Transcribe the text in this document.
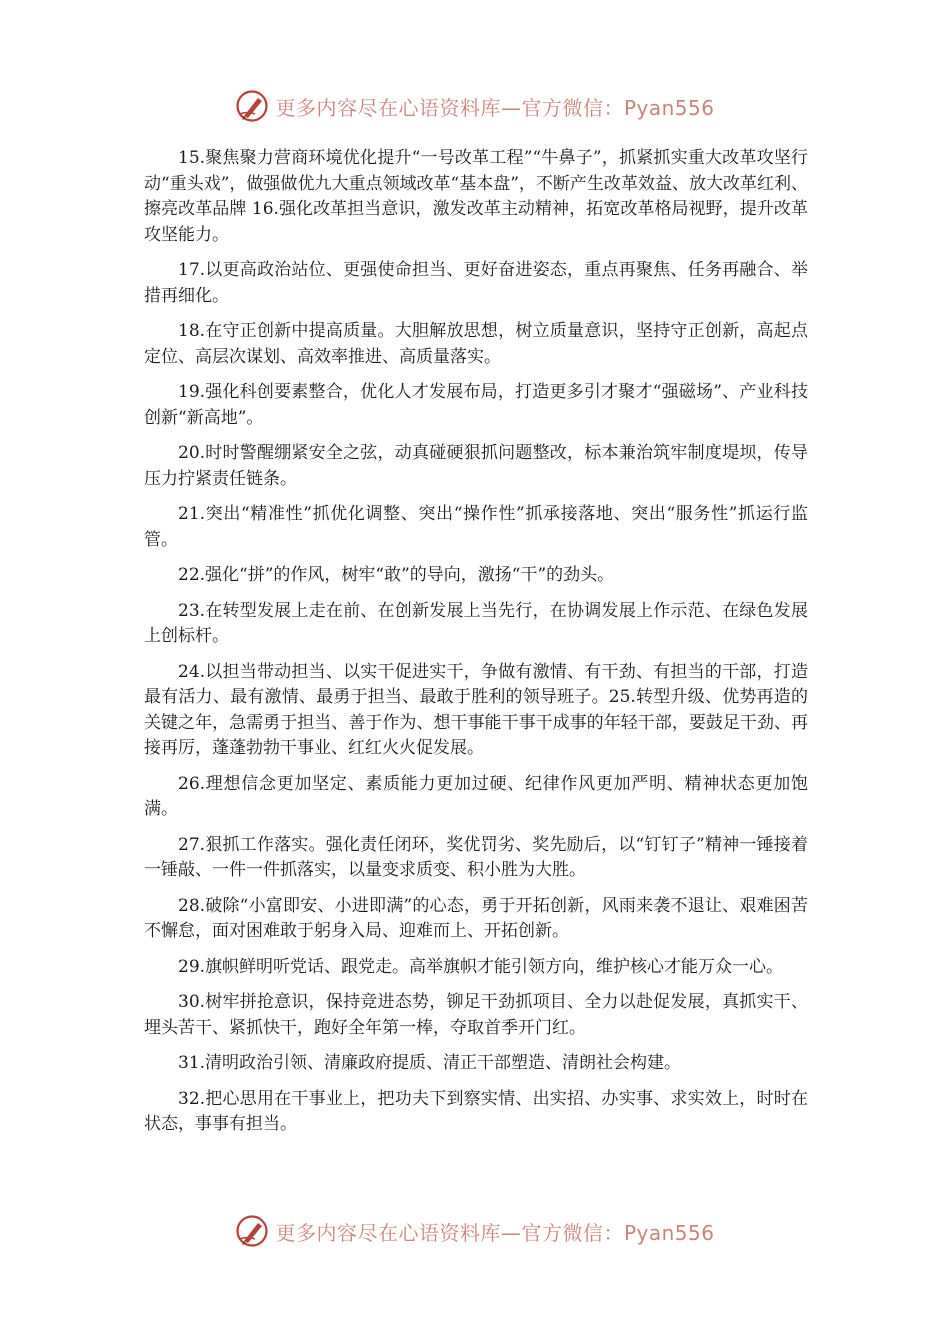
更多内容尽在心语资料库—官方微信：Pyan556

15.聚焦聚力营商环境优化提升“一号改革工程”“牛鼻子”，抓紧抓实重大改革攻坚行动“重头戏”，做强做优九大重点领域改革“基本盘”，不断产生改革效益、放大改革红利、擦亮改革品牌 16.强化改革担当意识，激发改革主动精神，拓宽改革格局视野，提升改革攻坚能力。

17.以更高政治站位、更强使命担当、更好奋进姿态，重点再聚焦、任务再融合、举措再细化。

18.在守正创新中提高质量。大胆解放思想，树立质量意识，坚持守正创新，高起点定位、高层次谋划、高效率推进、高质量落实。

19.强化科创要素整合，优化人才发展布局，打造更多引才聚才“强磁场”、产业科技创新“新高地”。

20.时时警醒绷紧安全之弦，动真碰硬狠抓问题整改，标本兼治筑牢制度堤坝，传导压力拧紧责任链条。

21.突出“精准性”抓优化调整、突出“操作性”抓承接落地、突出“服务性”抓运行监管。

22.强化“拼”的作风，树牢“敢”的导向，激扬“干”的劲头。

23.在转型发展上走在前、在创新发展上当先行，在协调发展上作示范、在绿色发展上创标杆。

24.以担当带动担当、以实干促进实干，争做有激情、有干劲、有担当的干部，打造最有活力、最有激情、最勇于担当、最敢于胜利的领导班子。25.转型升级、优势再造的关键之年，急需勇于担当、善于作为、想干事能干事干成事的年轻干部，要鼓足干劲、再接再厉，蓬蓬勃勃干事业、红红火火促发展。

26.理想信念更加坚定、素质能力更加过硬、纪律作风更加严明、精神状态更加饱满。

27.狠抓工作落实。强化责任闭环，奖优罚劣、奖先励后，以“钉钉子”精神一锤接着一锤敲、一件一件抓落实，以量变求质变、积小胜为大胜。

28.破除“小富即安、小进即满”的心态，勇于开拓创新，风雨来袭不退让、艰难困苦不懈怠，面对困难敢于躬身入局、迎难而上、开拓创新。

29.旗帜鲜明听党话、跟党走。高举旗帜才能引领方向，维护核心才能万众一心。

30.树牢拼抢意识，保持竞进态势，铆足干劲抓项目、全力以赴促发展，真抓实干、埋头苦干、紧抓快干，跑好全年第一棒，夺取首季开门红。

31.清明政治引领、清廉政府提质、清正干部塑造、清朗社会构建。

32.把心思用在干事业上，把功夫下到察实情、出实招、办实事、求实效上，时时在状态，事事有担当。

更多内容尽在心语资料库—官方微信：Pyan556
